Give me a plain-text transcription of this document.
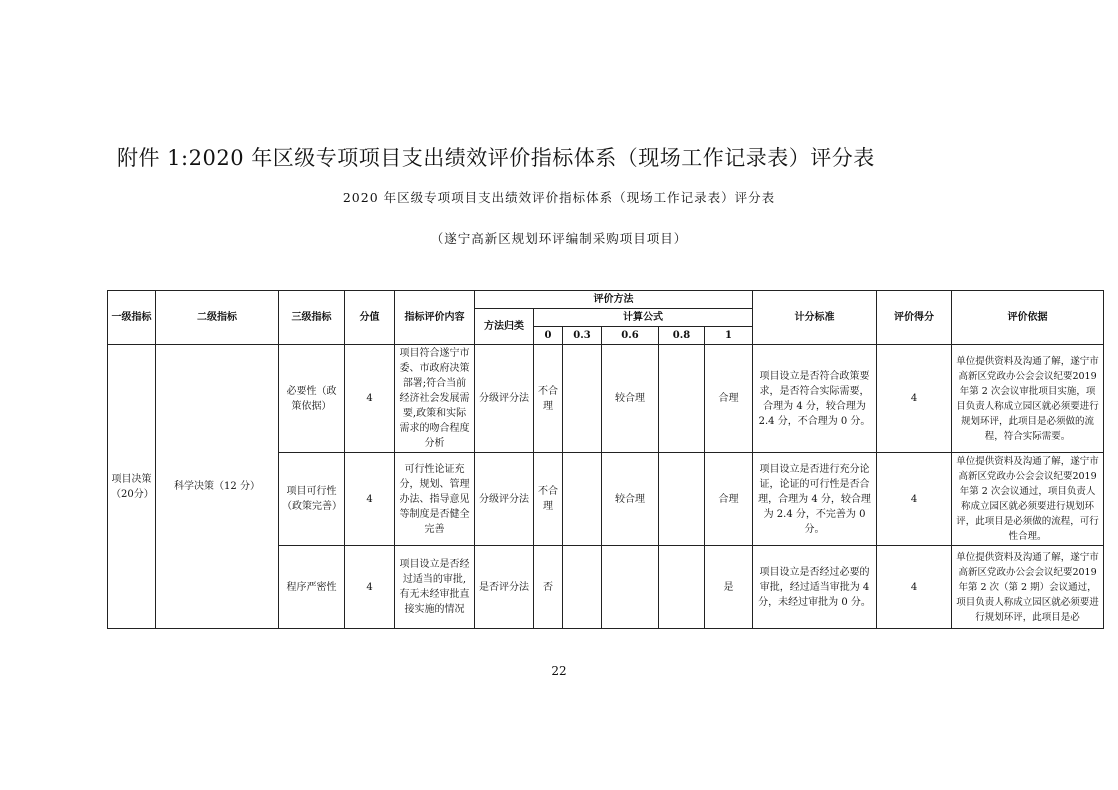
附件 1:2020 年区级专项项目支出绩效评价指标体系（现场工作记录表）评分表
2020 年区级专项项目支出绩效评价指标体系（现场工作记录表）评分表
（遂宁高新区规划环评编制采购项目项目）
一级指标	二级指标	三级指标	分值	指标评价内容	评价方法						计分标准	评价得分	评价依据
					方法归类	计算公式							
						0	0.3	0.6	0.8	1			
项目决策（20分）	科学决策（12 分）	必要性（政策依据）	4	项目符合遂宁市委、市政府决策部署;符合当前经济社会发展需要,政策和实际需求的吻合程度分析	分级评分法	不合理		较合理		合理	项目设立是否符合政策要求，是否符合实际需要，合理为 4 分，较合理为 2.4 分，不合理为 0 分。	4	单位提供资料及沟通了解，遂宁市高新区党政办公会会议纪要2019 年第 2 次会议审批项目实施，项目负责人称成立园区就必须要进行规划环评，此项目是必须做的流程，符合实际需要。
		项目可行性（政策完善）	4	可行性论证充分，规划、管理办法、指导意见等制度是否健全完善	分级评分法	不合理		较合理		合理	项目设立是否进行充分论证，论证的可行性是否合理，合理为 4 分，较合理为 2.4 分，不完善为 0 分。	4	单位提供资料及沟通了解，遂宁市高新区党政办公会会议纪要2019 年第 2 次会议通过，项目负责人称成立园区就必须要进行规划环评，此项目是必须做的流程，可行性合理。
		程序严密性	4	项目设立是否经过适当的审批,有无未经审批直接实施的情况	是否评分法	否				是	项目设立是否经过必要的审批，经过适当审批为 4 分，未经过审批为 0 分。	4	单位提供资料及沟通了解，遂宁市高新区党政办公会会议纪要2019 年第 2 次（第 2 期）会议通过，项目负责人称成立园区就必须要进行规划环评，此项目是必
22
